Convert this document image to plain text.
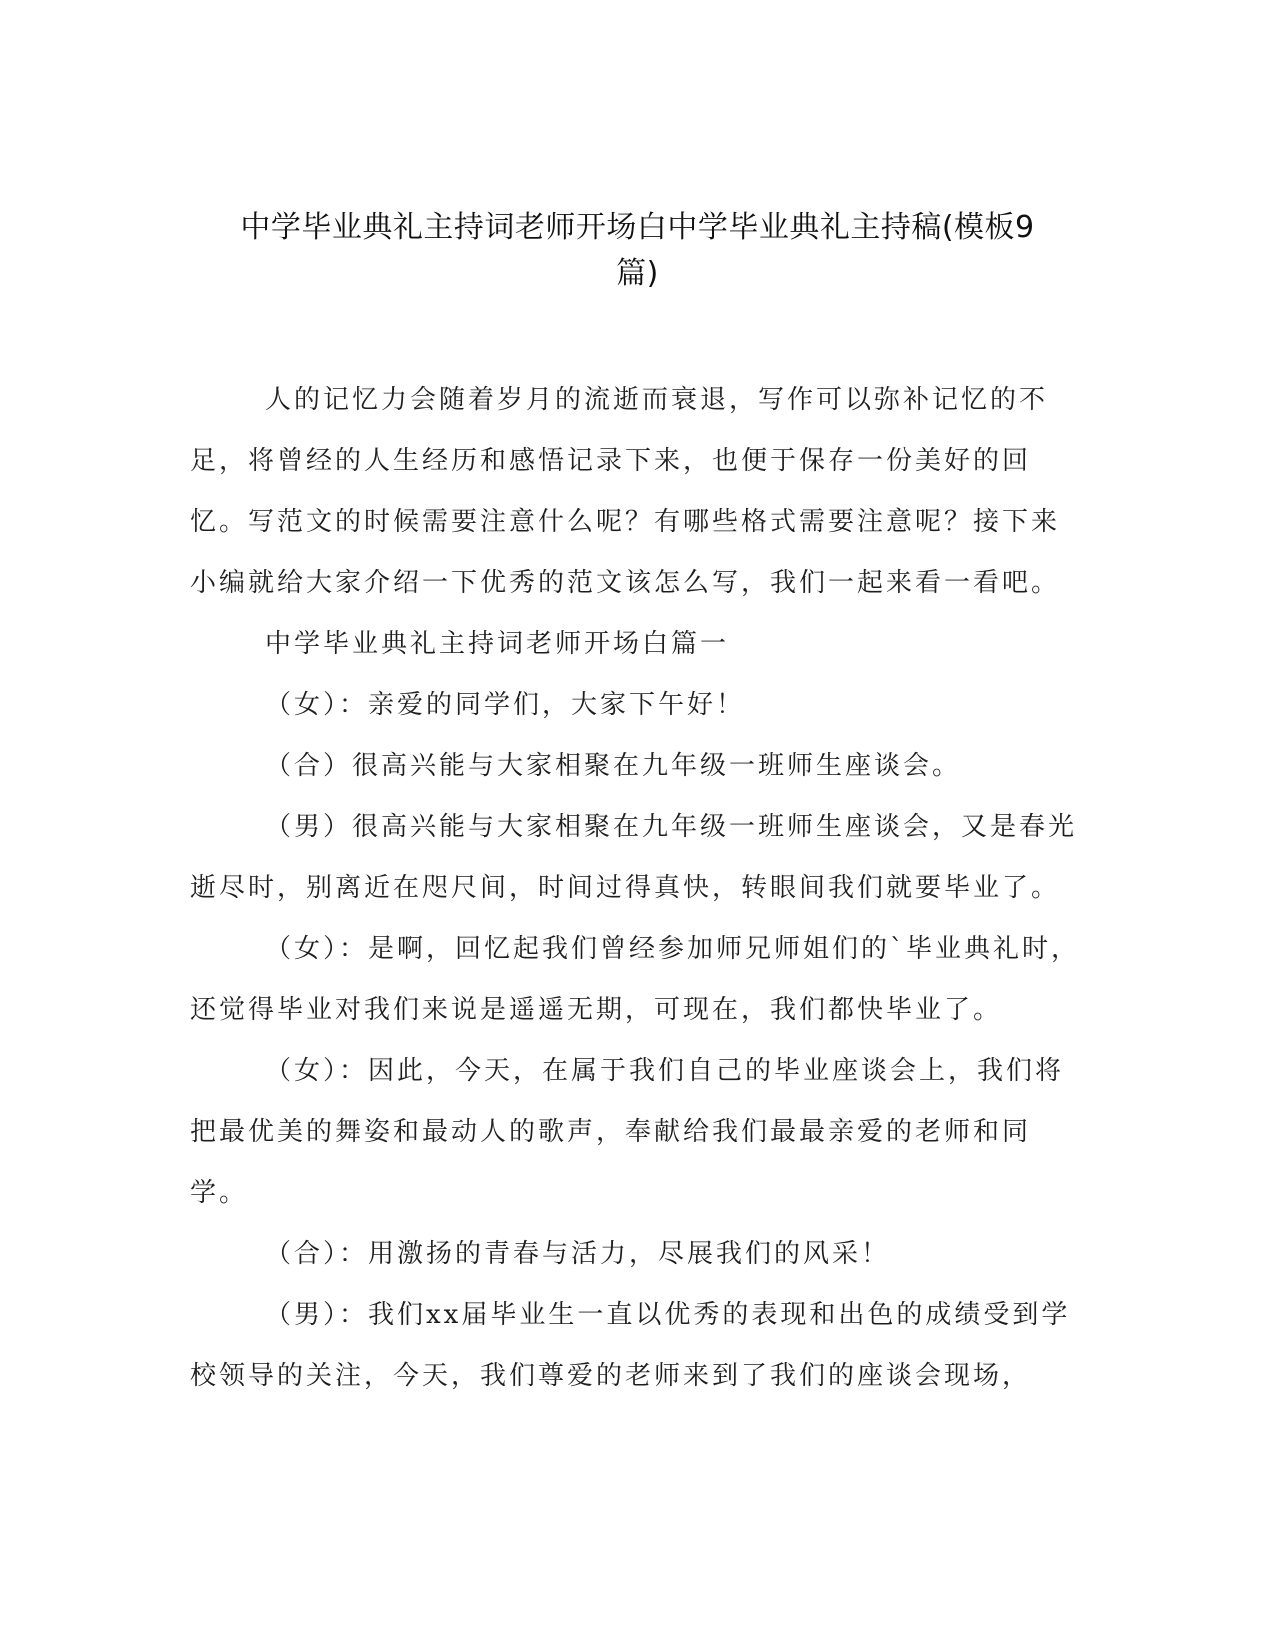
中学毕业典礼主持词老师开场白中学毕业典礼主持稿(模板9
篇)

人的记忆力会随着岁月的流逝而衰退，写作可以弥补记忆的不足，将曾经的人生经历和感悟记录下来，也便于保存一份美好的回忆。写范文的时候需要注意什么呢？有哪些格式需要注意呢？接下来小编就给大家介绍一下优秀的范文该怎么写，我们一起来看一看吧。

中学毕业典礼主持词老师开场白篇一

（女）：亲爱的同学们，大家下午好！

（合）很高兴能与大家相聚在九年级一班师生座谈会。

（男）很高兴能与大家相聚在九年级一班师生座谈会，又是春光逝尽时，别离近在咫尺间，时间过得真快，转眼间我们就要毕业了。

（女）：是啊，回忆起我们曾经参加师兄师姐们的`毕业典礼时，还觉得毕业对我们来说是遥遥无期，可现在，我们都快毕业了。

（女）：因此，今天，在属于我们自己的毕业座谈会上，我们将把最优美的舞姿和最动人的歌声，奉献给我们最最亲爱的老师和同学。

（合）：用激扬的青春与活力，尽展我们的风采！

（男）：我们xx届毕业生一直以优秀的表现和出色的成绩受到学校领导的关注，今天，我们尊爱的老师来到了我们的座谈会现场，
